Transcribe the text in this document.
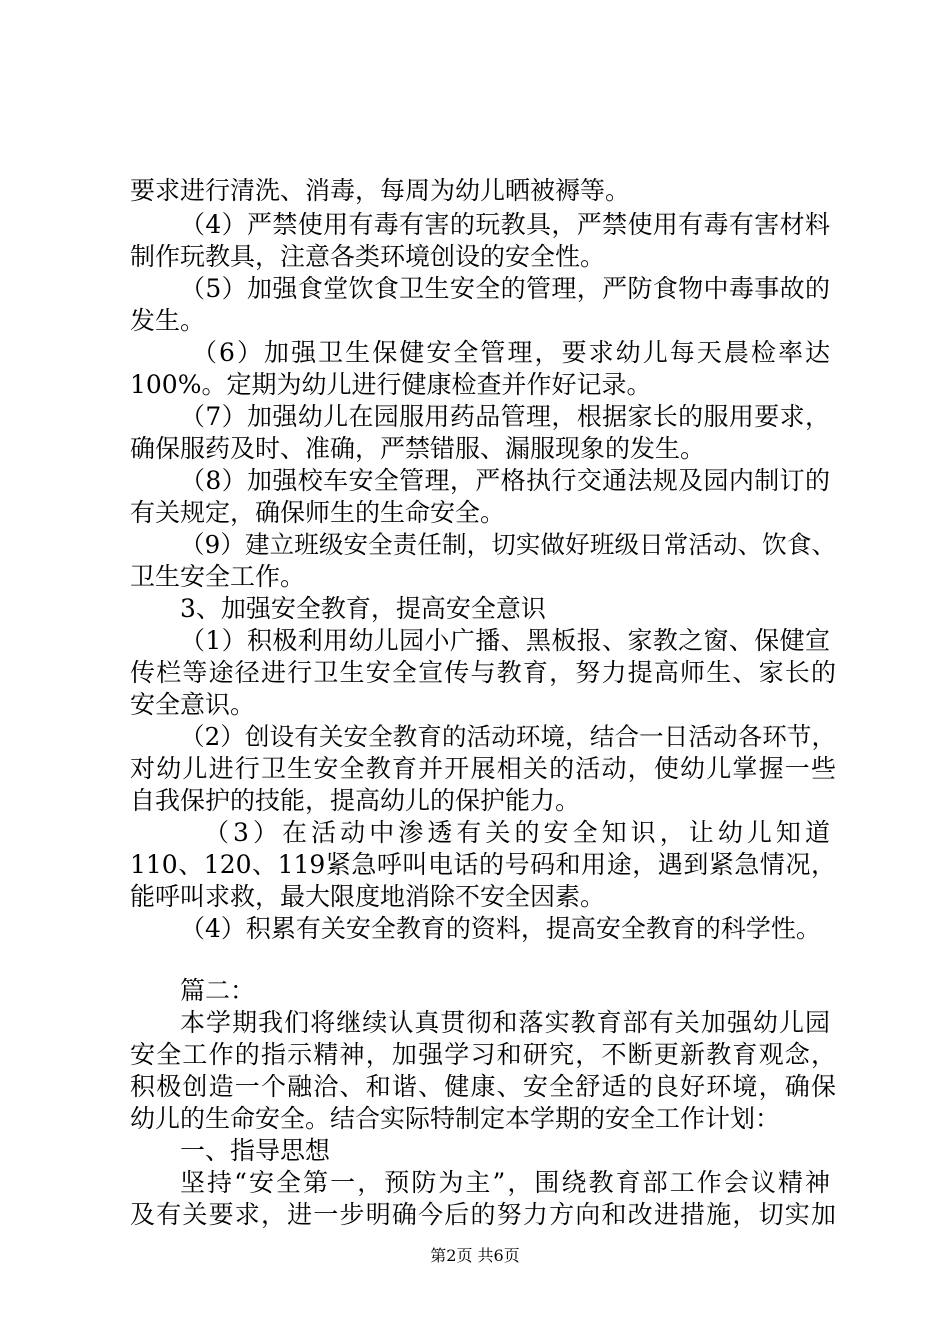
要求进行清洗、消毒，每周为幼儿晒被褥等。
（4）严禁使用有毒有害的玩教具，严禁使用有毒有害材料
制作玩教具，注意各类环境创设的安全性。
（5）加强食堂饮食卫生安全的管理，严防食物中毒事故的
发生。
（6）加强卫生保健安全管理，要求幼儿每天晨检率达
100%。定期为幼儿进行健康检查并作好记录。
（7）加强幼儿在园服用药品管理，根据家长的服用要求，
确保服药及时、准确，严禁错服、漏服现象的发生。
（8）加强校车安全管理，严格执行交通法规及园内制订的
有关规定，确保师生的生命安全。
（9）建立班级安全责任制，切实做好班级日常活动、饮食、
卫生安全工作。
3、加强安全教育，提高安全意识
（1）积极利用幼儿园小广播、黑板报、家教之窗、保健宣
传栏等途径进行卫生安全宣传与教育，努力提高师生、家长的
安全意识。
（2）创设有关安全教育的活动环境，结合一日活动各环节，
对幼儿进行卫生安全教育并开展相关的活动，使幼儿掌握一些
自我保护的技能，提高幼儿的保护能力。
（3）在活动中渗透有关的安全知识，让幼儿知道
110、120、119紧急呼叫电话的号码和用途，遇到紧急情况，
能呼叫求救，最大限度地消除不安全因素。
（4）积累有关安全教育的资料，提高安全教育的科学性。
篇二：
本学期我们将继续认真贯彻和落实教育部有关加强幼儿园
安全工作的指示精神，加强学习和研究，不断更新教育观念，
积极创造一个融洽、和谐、健康、安全舒适的良好环境，确保
幼儿的生命安全。结合实际特制定本学期的安全工作计划：
一、指导思想
坚持“安全第一，预防为主”，围绕教育部工作会议精神
及有关要求，进一步明确今后的努力方向和改进措施，切实加
第2页 共6页
